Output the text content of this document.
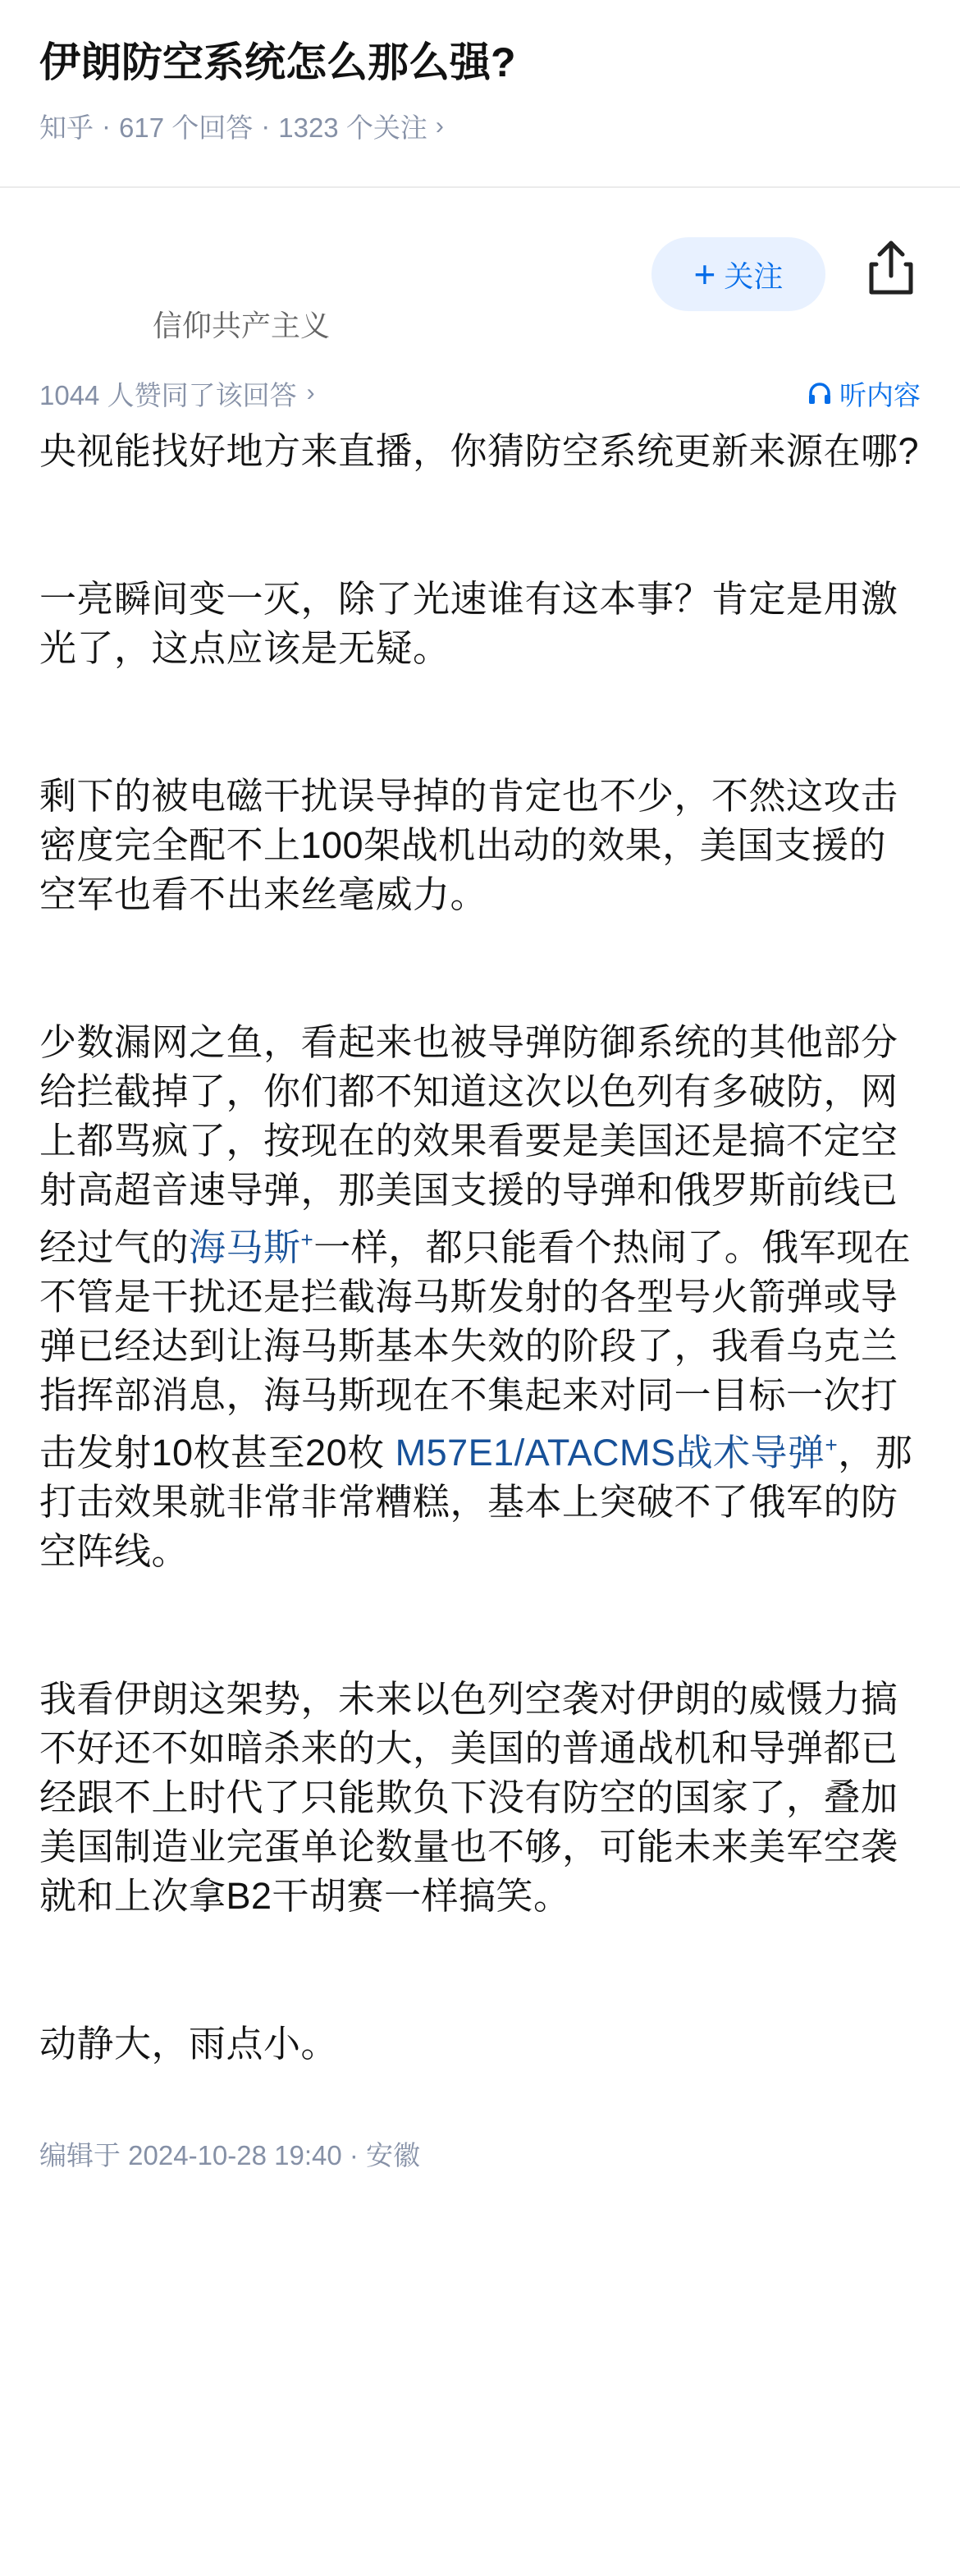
伊朗防空系统怎么那么强?
知乎 · 617 个回答 · 1323 个关注 ›
信仰共产主义
+ 关注
1044 人赞同了该回答 ›	听内容

央视能找好地方来直播，你猜防空系统更新来源在哪?

一亮瞬间变一灭，除了光速谁有这本事？肯定是用激光了，这点应该是无疑。

剩下的被电磁干扰误导掉的肯定也不少，不然这攻击密度完全配不上100架战机出动的效果，美国支援的空军也看不出来丝毫威力。

少数漏网之鱼，看起来也被导弹防御系统的其他部分给拦截掉了，你们都不知道这次以色列有多破防，网上都骂疯了，按现在的效果看要是美国还是搞不定空射高超音速导弹，那美国支援的导弹和俄罗斯前线已经过气的海马斯+一样，都只能看个热闹了。俄军现在不管是干扰还是拦截海马斯发射的各型号火箭弹或导弹已经达到让海马斯基本失效的阶段了，我看乌克兰指挥部消息，海马斯现在不集起来对同一目标一次打击发射10枚甚至20枚 M57E1/ATACMS战术导弹+，那打击效果就非常非常糟糕，基本上突破不了俄军的防空阵线。

我看伊朗这架势，未来以色列空袭对伊朗的威慑力搞不好还不如暗杀来的大，美国的普通战机和导弹都已经跟不上时代了只能欺负下没有防空的国家了，叠加美国制造业完蛋单论数量也不够，可能未来美军空袭就和上次拿B2干胡赛一样搞笑。

动静大，雨点小。

编辑于 2024-10-28 19:40 · 安徽
